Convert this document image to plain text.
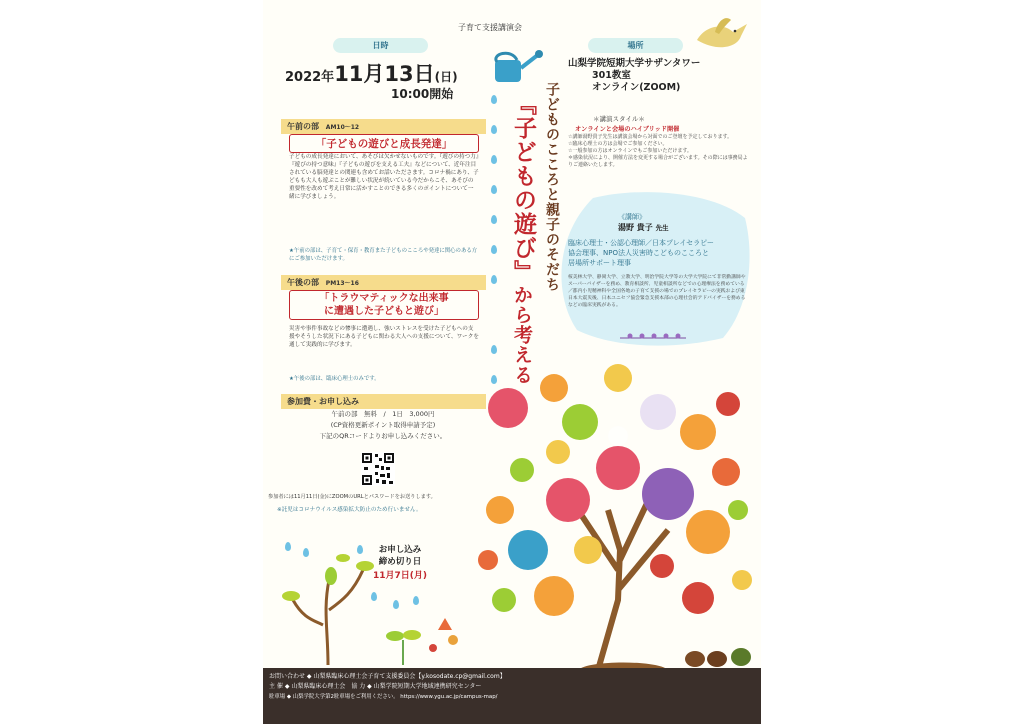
子育て支援講演会
日時	場所
2022年11月13日(日)
10:00開始
午前の部 AM10～12
「子どもの遊びと成長発達」
子どもの成長発達において、あそびは欠かせないものです。『遊びの持つ力』『遊びの持つ意味』『子どもの遊びを支える工夫』などについて、近年注目されている脳発達との関連も含めてお話いたださます。コロナ禍にあり、子どもも大人も遊ぶことが難しい状況が続いている今だからこそ、あそびの重要性を改めて考え日常に活かすことのできる多くのポイントについて一緒に学びましょう。
★午前の部は、子育て・保育・教育また子どものこころや発達に関心のある方にご参加いただけます。
午後の部 PM13～16
「トラウマティックな出来事
に遭遇した子どもと遊び」
災害や事件事故などの惨事に遭遇し、強いストレスを受けた子どもへの支援やそうした状況下にある子どもに関わる大人への支援について、ワークを通して実践的に学びます。
★午後の部は、臨床心理士のみです。
参加費・お申し込み
午前の部　無料　/　1日　3,000円
(CP資格更新ポイント取得申請予定)
下記のQRコードよりお申し込みください。
参加者には11月11日(金)にZOOMのURLとパスワードをお送りします。
※託児はコロナウイルス感染拡大防止のため行いません。
お申し込み
締め切り日
11月7日(月)
子どものこころと親子のそだち
『子どもの遊び』
から考える
山梨学院短期大学サザンタワー
301教室
オンライン(ZOOM)
＊講演スタイル＊
オンラインと会場のハイブリッド開催
☆講師湯野貴子先生は講演会場から対面でのご登壇を予定しております。
☆臨床心理士の方は会場でご参加ください。
☆一般参加の方はオンラインでもご参加いただけます。
＊感染状況により、開催方法を変更する場合がございます。その際には事務局よりご連絡いたします。
《講師》
湯野 貴子 先生
臨床心理士・公認心理師／日本プレイセラピー
協会理事、NPO法人災害時こどものこころと
居場所サポート理事
桜美林大学、静岡大学、立教大学、明治学院大学等の大学大学院にて非常勤講師やスーパーバイザーを務め、教育相談所、児童相談所などでの心理療法を務めている／都内小児精神科や全国各地の子育て支援の場でのプレイセラピーの実践および東日本大震災後、日本ユニセフ協会緊急支援本部の心理社会的アドバイザーを務めるなどの臨床実践がある。
お問い合わせ ◆ 山梨県臨床心理士会子育て支援委員会【y.kosodate.cp@gmail.com】
主 催 ◆ 山梨県臨床心理士会　協 力 ◆ 山梨学院短期大学地域連携研究センター
駐車場 ◆ 山梨学院大学第2駐車場をご利用ください。 https://www.ygu.ac.jp/campus-map/
